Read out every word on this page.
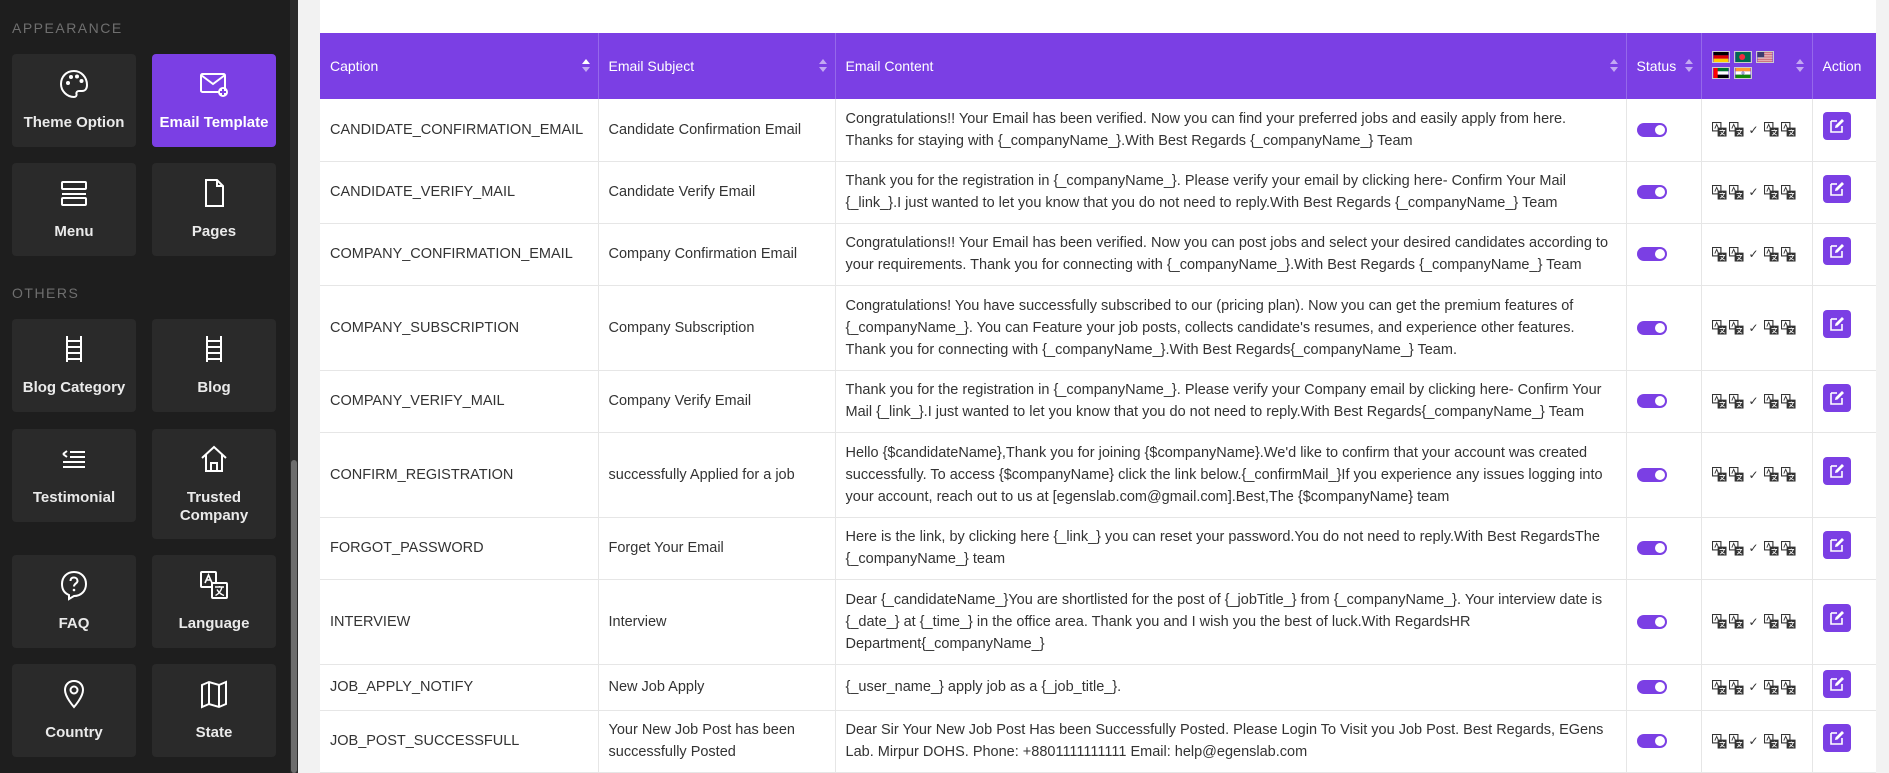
APPEARANCE
Theme Option	Email Template
Menu	Pages
OTHERS
Blog Category	Blog
Testimonial	Trusted Company
FAQ	Language
Country	State
Caption	Email Subject	Email Content	Status		Action
CANDIDATE_CONFIRMATION_EMAIL	Candidate Confirmation Email	Congratulations!! Your Email has been verified. Now you can find your preferred jobs and easily apply from here. Thanks for staying with {_companyName_}.With Best Regards {_companyName_} Team		✓

CANDIDATE_VERIFY_MAIL	Candidate Verify Email	Thank you for the registration in {_companyName_}. Please verify your email by clicking here- Confirm Your Mail {_link_}.I just wanted to let you know that you do not need to reply.With Best Regards {_companyName_} Team		✓

COMPANY_CONFIRMATION_EMAIL	Company Confirmation Email	Congratulations!! Your Email has been verified. Now you can post jobs and select your desired candidates according to your requirements. Thank you for connecting with {_companyName_}.With Best Regards {_companyName_} Team		✓

COMPANY_SUBSCRIPTION	Company Subscription	Congratulations! You have successfully subscribed to our (pricing plan). Now you can get the premium features of {_companyName_}. You can Feature your job posts, collects candidate's resumes, and experience other features. Thank you for connecting with {_companyName_}.With Best Regards{_companyName_} Team.		✓

COMPANY_VERIFY_MAIL	Company Verify Email	Thank you for the registration in {_companyName_}. Please verify your Company email by clicking here- Confirm Your Mail {_link_}.I just wanted to let you know that you do not need to reply.With Best Regards{_companyName_} Team		✓

CONFIRM_REGISTRATION	successfully Applied for a job	Hello {$candidateName},Thank you for joining {$companyName}.We'd like to confirm that your account was created successfully. To access {$companyName} click the link below.{_confirmMail_}If you experience any issues logging into your account, reach out to us at [egenslab.com@gmail.com].Best,The {$companyName} team		✓

FORGOT_PASSWORD	Forget Your Email	Here is the link, by clicking here {_link_} you can reset your password.You do not need to reply.With Best RegardsThe {_companyName_} team		✓

INTERVIEW	Interview	Dear {_candidateName_}You are shortlisted for the post of {_jobTitle_} from {_companyName_}. Your interview date is {_date_} at {_time_} in the office area. Thank you and I wish you the best of luck.With RegardsHR Department{_companyName_}		✓

JOB_APPLY_NOTIFY	New Job Apply	{_user_name_} apply job as a {_job_title_}.		✓

JOB_POST_SUCCESSFULL	Your New Job Post has been successfully Posted	Dear Sir Your New Job Post Has been Successfully Posted. Please Login To Visit you Job Post. Best Regards, EGens Lab. Mirpur DOHS. Phone: +8801111111111 Email: help@egenslab.com		✓
